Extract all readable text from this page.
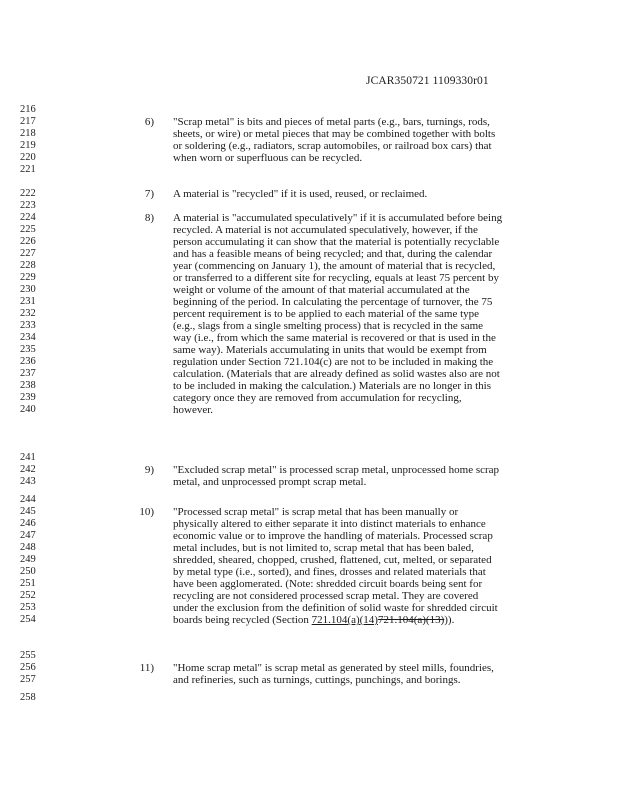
JCAR350721 1109330r01
216
221
223
241
244
255
258
6)
217	"Scrap metal" is bits and pieces of metal parts (e.g., bars, turnings, rods,
218	sheets, or wire) or metal pieces that may be combined together with bolts
219	or soldering (e.g., radiators, scrap automobiles, or railroad box cars) that
220	when worn or superfluous can be recycled.
7)
222	A material is "recycled" if it is used, reused, or reclaimed.
8)
224	A material is "accumulated speculatively" if it is accumulated before being
225	recycled. A material is not accumulated speculatively, however, if the
226	person accumulating it can show that the material is potentially recyclable
227	and has a feasible means of being recycled; and that, during the calendar
228	year (commencing on January 1), the amount of material that is recycled,
229	or transferred to a different site for recycling, equals at least 75 percent by
230	weight or volume of the amount of that material accumulated at the
231	beginning of the period. In calculating the percentage of turnover, the 75
232	percent requirement is to be applied to each material of the same type
233	(e.g., slags from a single smelting process) that is recycled in the same
234	way (i.e., from which the same material is recovered or that is used in the
235	same way). Materials accumulating in units that would be exempt from
236	regulation under Section 721.104(c) are not to be included in making the
237	calculation. (Materials that are already defined as solid wastes also are not
238	to be included in making the calculation.) Materials are no longer in this
239	category once they are removed from accumulation for recycling,
240	however.
9)
242	"Excluded scrap metal" is processed scrap metal, unprocessed home scrap
243	metal, and unprocessed prompt scrap metal.
10)
245	"Processed scrap metal" is scrap metal that has been manually or
246	physically altered to either separate it into distinct materials to enhance
247	economic value or to improve the handling of materials. Processed scrap
248	metal includes, but is not limited to, scrap metal that has been baled,
249	shredded, sheared, chopped, crushed, flattened, cut, melted, or separated
250	by metal type (i.e., sorted), and fines, drosses and related materials that
251	have been agglomerated. (Note: shredded circuit boards being sent for
252	recycling are not considered processed scrap metal. They are covered
253	under the exclusion from the definition of solid waste for shredded circuit
254	boards being recycled (Section 721.104(a)(14)721.104(a)(13))).
11)
256	"Home scrap metal" is scrap metal as generated by steel mills, foundries,
257	and refineries, such as turnings, cuttings, punchings, and borings.
